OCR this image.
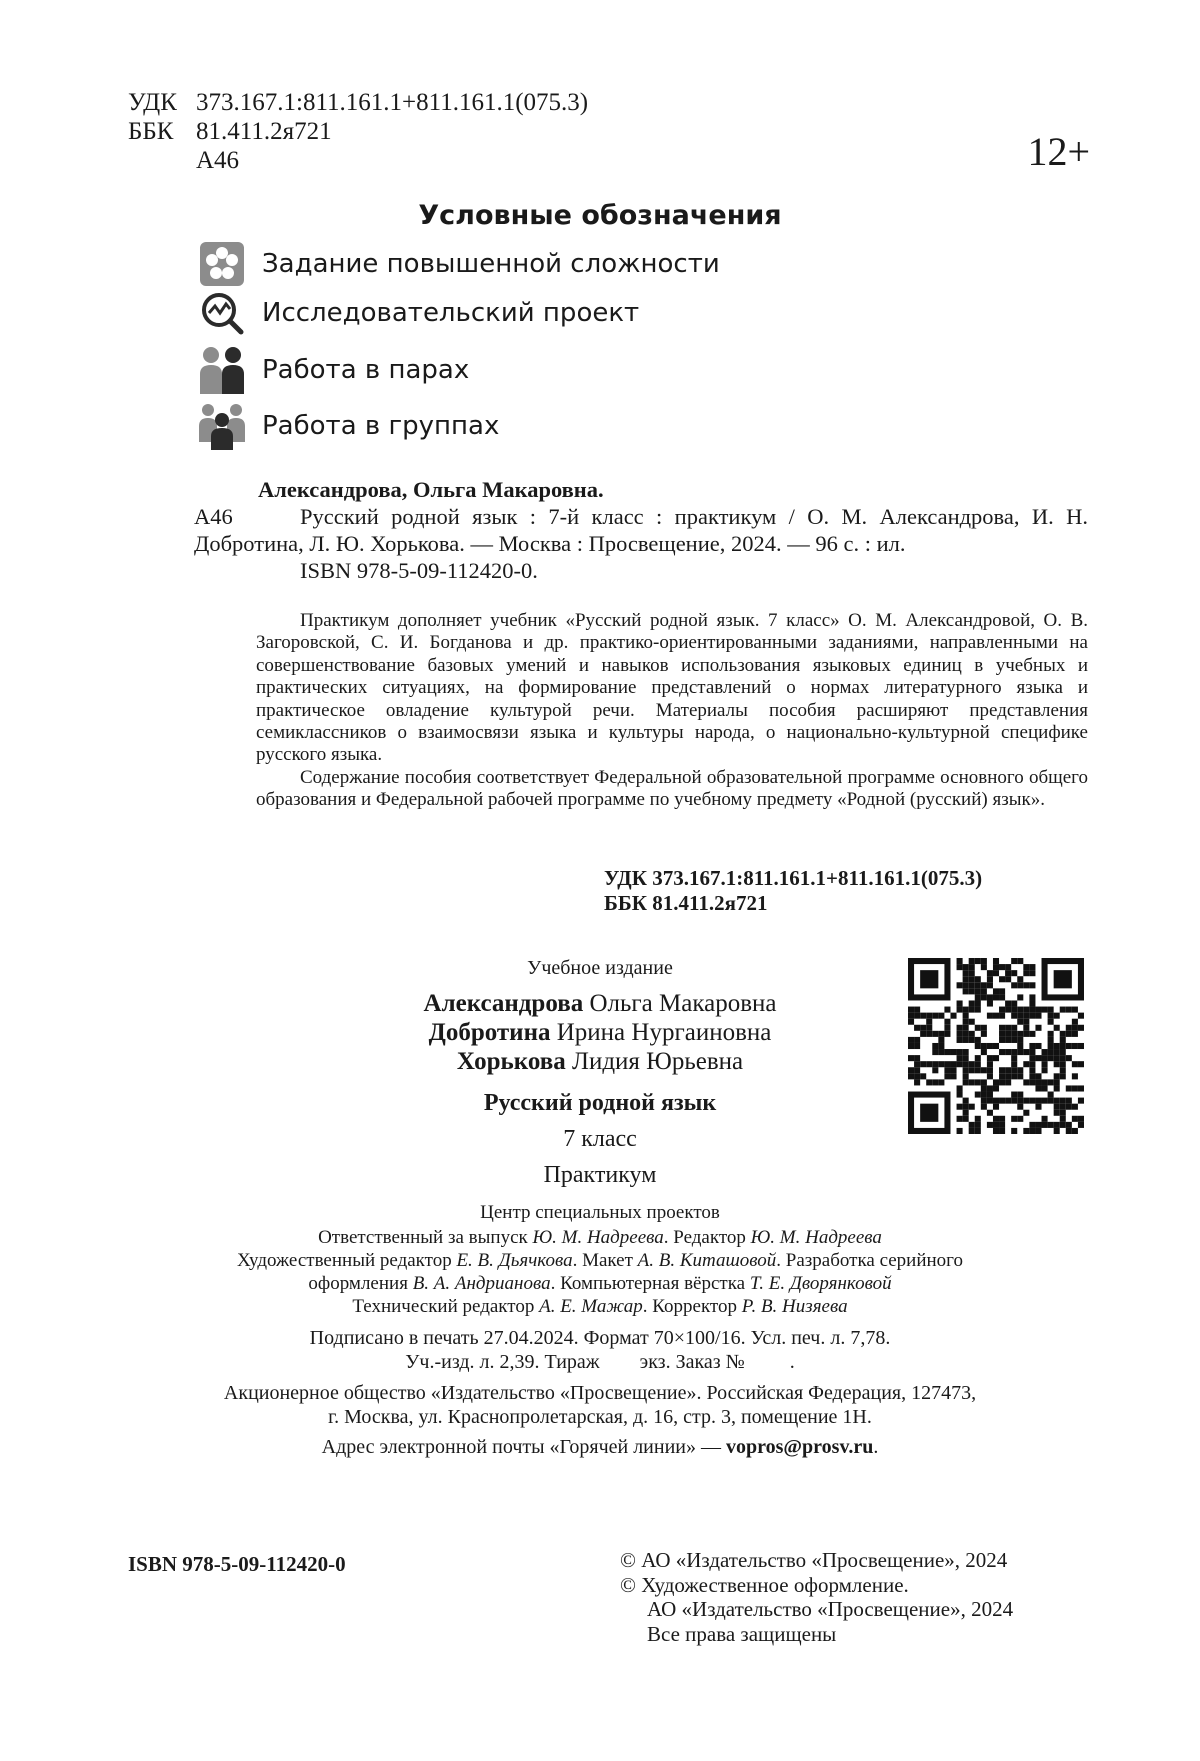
УДК 373.167.1:811.161.1+811.161.1(075.3)
ББК 81.411.2я721
А46	12+
Условные обозначения
Задание повышенной сложности
Исследовательский проект
Работа в парах
Работа в группах
Александрова, Ольга Макаровна.
А46	Русский родной язык : 7-й класс : практикум / О. М. Александрова, И. Н. Добротина, Л. Ю. Хорькова. — Москва : Просвещение, 2024. — 96 с. : ил.
ISBN 978-5-09-112420-0.

Практикум дополняет учебник «Русский родной язык. 7 класс» О. М. Александровой, О. В. Загоровской, С. И. Богданова и др. практико-ориентированными заданиями, направленными на совершенствование базовых умений и навыков использования языковых единиц в учебных и практических ситуациях, на формирование представлений о нормах литературного языка и практическое овладение культурой речи. Материалы пособия расширяют представления семиклассников о взаимосвязи языка и культуры народа, о национально-культурной специфике русского языка.

Содержание пособия соответствует Федеральной образовательной программе основного общего образования и Федеральной рабочей программе по учебному предмету «Родной (русский) язык».

УДК 373.167.1:811.161.1+811.161.1(075.3)
ББК 81.411.2я721
Учебное издание
Александрова Ольга Макаровна
Добротина Ирина Нургаиновна
Хорькова Лидия Юрьевна
Русский родной язык
7 класс
Практикум
Центр специальных проектов
Ответственный за выпуск Ю. М. Надреева. Редактор Ю. М. Надреева
Художественный редактор Е. В. Дьячкова. Макет А. В. Киташовой. Разработка серийного
оформления В. А. Андрианова. Компьютерная вёрстка Т. Е. Дворянковой
Технический редактор А. Е. Мажар. Корректор Р. В. Низяева
Подписано в печать 27.04.2024. Формат 70×100/16. Усл. печ. л. 7,78.
Уч.-изд. л. 2,39. Тираж        экз. Заказ №         .
Акционерное общество «Издательство «Просвещение». Российская Федерация, 127473,
г. Москва, ул. Краснопролетарская, д. 16, стр. 3, помещение 1Н.
Адрес электронной почты «Горячей линии» — vopros@prosv.ru.
ISBN 978-5-09-112420-0	© АО «Издательство «Просвещение», 2024
© Художественное оформление.
АО «Издательство «Просвещение», 2024
Все права защищены
